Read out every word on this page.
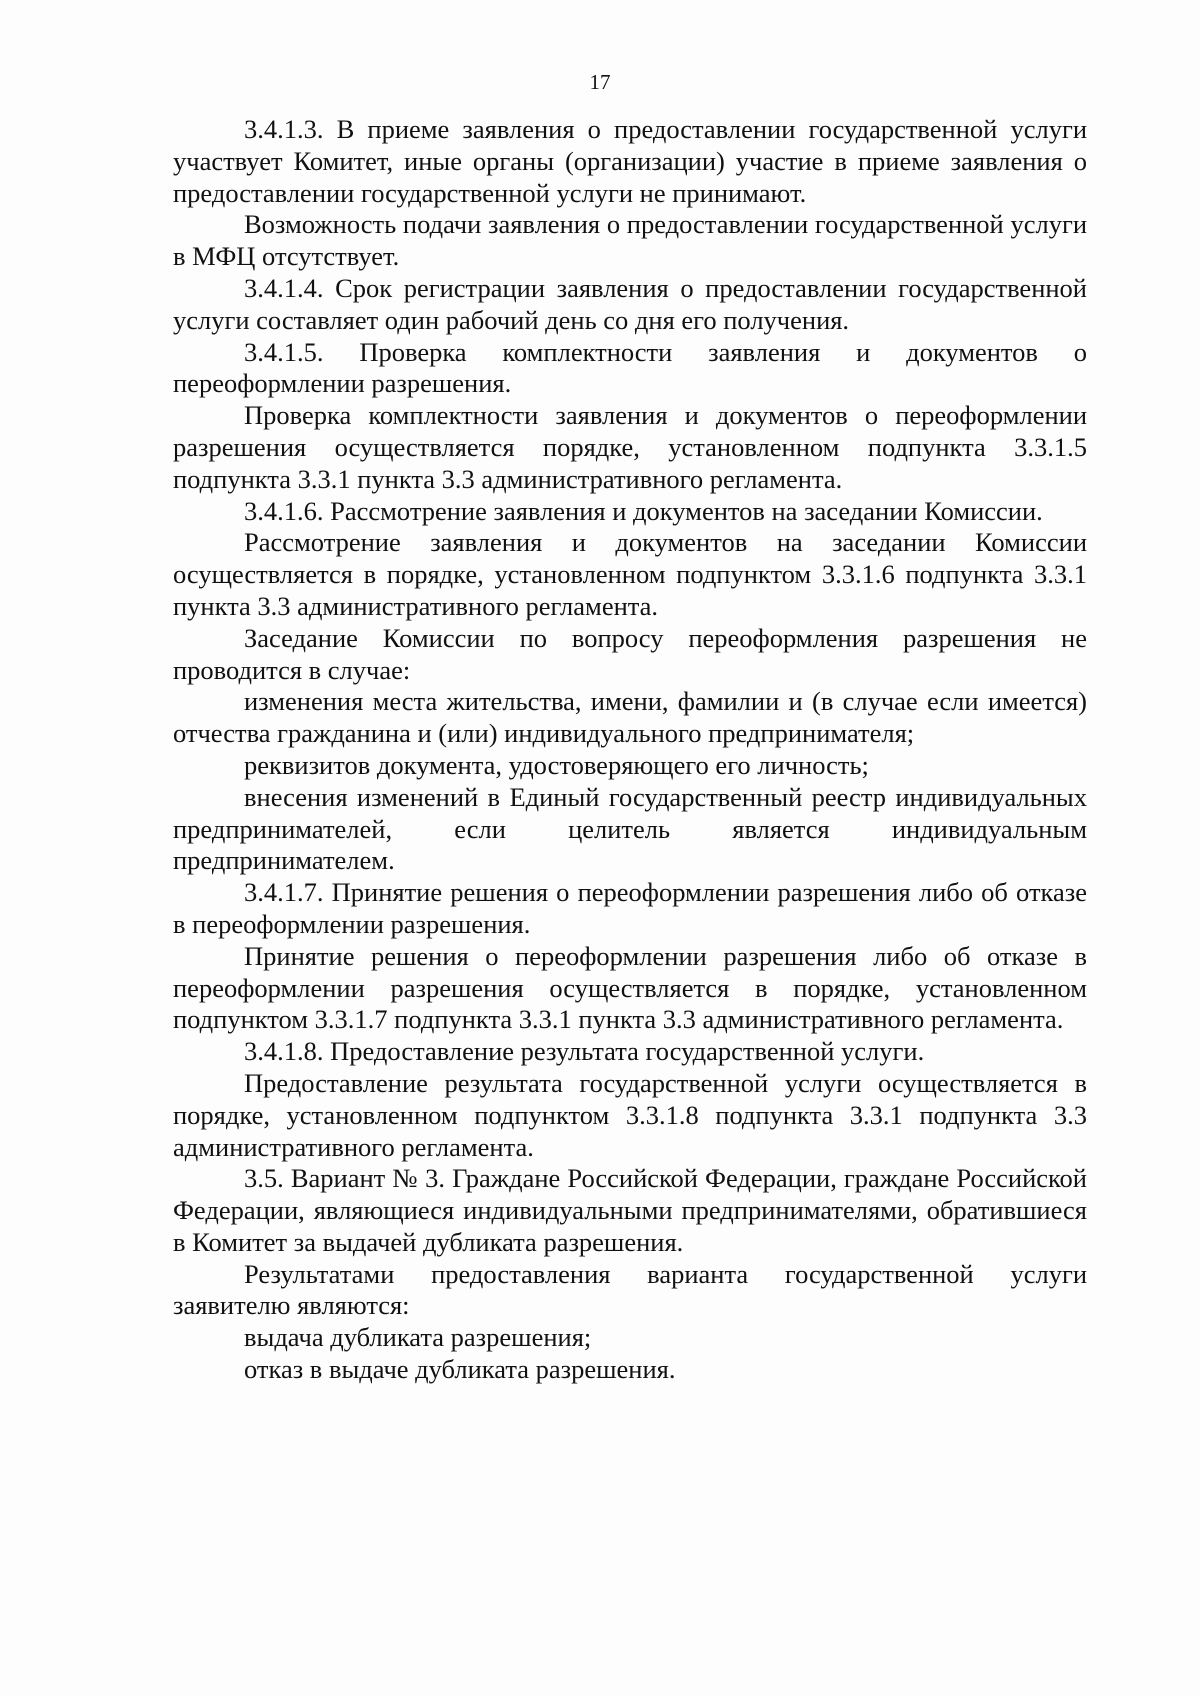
17

3.4.1.3. В приеме заявления о предоставлении государственной услуги участвует Комитет, иные органы (организации) участие в приеме заявления о предоставлении государственной услуги не принимают.

Возможность подачи заявления о предоставлении государственной услуги в МФЦ отсутствует.

3.4.1.4. Срок регистрации заявления о предоставлении государственной услуги составляет один рабочий день со дня его получения.

3.4.1.5. Проверка комплектности заявления и документов о переоформлении разрешения.

Проверка комплектности заявления и документов о переоформлении разрешения осуществляется порядке, установленном подпункта 3.3.1.5 подпункта 3.3.1 пункта 3.3 административного регламента.

3.4.1.6. Рассмотрение заявления и документов на заседании Комиссии.

Рассмотрение заявления и документов на заседании Комиссии осуществляется в порядке, установленном подпунктом 3.3.1.6 подпункта 3.3.1 пункта 3.3 административного регламента.

Заседание Комиссии по вопросу переоформления разрешения не проводится в случае:

изменения места жительства, имени, фамилии и (в случае если имеется) отчества гражданина и (или) индивидуального предпринимателя;

реквизитов документа, удостоверяющего его личность;

внесения изменений в Единый государственный реестр индивидуальных предпринимателей, если целитель является индивидуальным предпринимателем.

3.4.1.7. Принятие решения о переоформлении разрешения либо об отказе в переоформлении разрешения.

Принятие решения о переоформлении разрешения либо об отказе в переоформлении разрешения осуществляется в порядке, установленном подпунктом 3.3.1.7 подпункта 3.3.1 пункта 3.3 административного регламента.

3.4.1.8. Предоставление результата государственной услуги.

Предоставление результата государственной услуги осуществляется в порядке, установленном подпунктом 3.3.1.8 подпункта 3.3.1 подпункта 3.3 административного регламента.

3.5. Вариант № 3. Граждане Российской Федерации, граждане Российской Федерации, являющиеся индивидуальными предпринимателями, обратившиеся в Комитет за выдачей дубликата разрешения.

Результатами предоставления варианта государственной услуги заявителю являются:

выдача дубликата разрешения;

отказ в выдаче дубликата разрешения.
